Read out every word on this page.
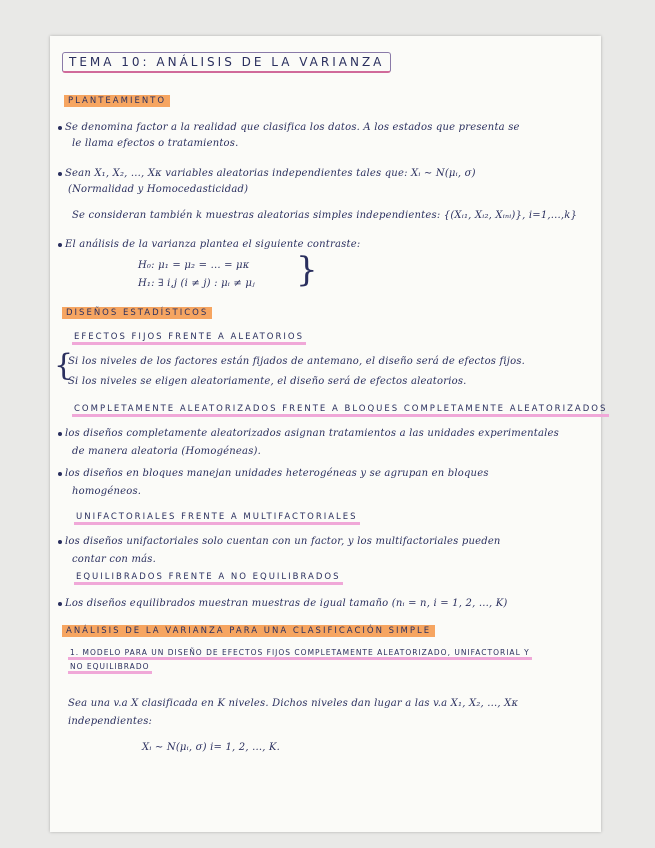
TEMA 10: ANÁLISIS DE LA VARIANZA
PLANTEAMIENTO
Se denomina factor a la realidad que clasifica los datos. A los estados que presenta se
le llama efectos o tratamientos.
Sean X₁, X₂, ..., Xκ variables aleatorias independientes tales que: Xᵢ ∼ N(μᵢ, σ)
(Normalidad y Homocedasticidad)
Se consideran también k muestras aleatorias simples independientes: {(Xᵢ₁, Xᵢ₂, Xᵢₙᵢ)}, i=1,...,k}
El análisis de la varianza plantea el siguiente contraste:
H₀: μ₁ = μ₂ = ... = μκ
H₁: ∃ i,j (i ≠ j) : μᵢ ≠ μⱼ }
DISEÑOS ESTADÍSTICOS
EFECTOS FIJOS FRENTE A ALEATORIOS
{
Si los niveles de los factores están fijados de antemano, el diseño será de efectos fijos.
Si los niveles se eligen aleatoriamente, el diseño será de efectos aleatorios.
COMPLETAMENTE ALEATORIZADOS FRENTE A BLOQUES COMPLETAMENTE ALEATORIZADOS
los diseños completamente aleatorizados asignan tratamientos a las unidades experimentales
de manera aleatoria (Homogéneas).
los diseños en bloques manejan unidades heterogéneas y se agrupan en bloques
homogéneos.
UNIFACTORIALES FRENTE A MULTIFACTORIALES
los diseños unifactoriales solo cuentan con un factor, y los multifactoriales pueden
contar con más.
EQUILIBRADOS FRENTE A NO EQUILIBRADOS
Los diseños equilibrados muestran muestras de igual tamaño (nᵢ = n, i = 1, 2, ..., K)
ANÁLISIS DE LA VARIANZA PARA UNA CLASIFICACIÓN SIMPLE
1. MODELO PARA UN DISEÑO DE EFECTOS FIJOS COMPLETAMENTE ALEATORIZADO, UNIFACTORIAL Y
NO EQUILIBRADO
Sea una v.a X clasificada en K niveles. Dichos niveles dan lugar a las v.a X₁, X₂, ..., Xκ
independientes:
Xᵢ ∼ N(μᵢ, σ) i= 1, 2, ..., K.
